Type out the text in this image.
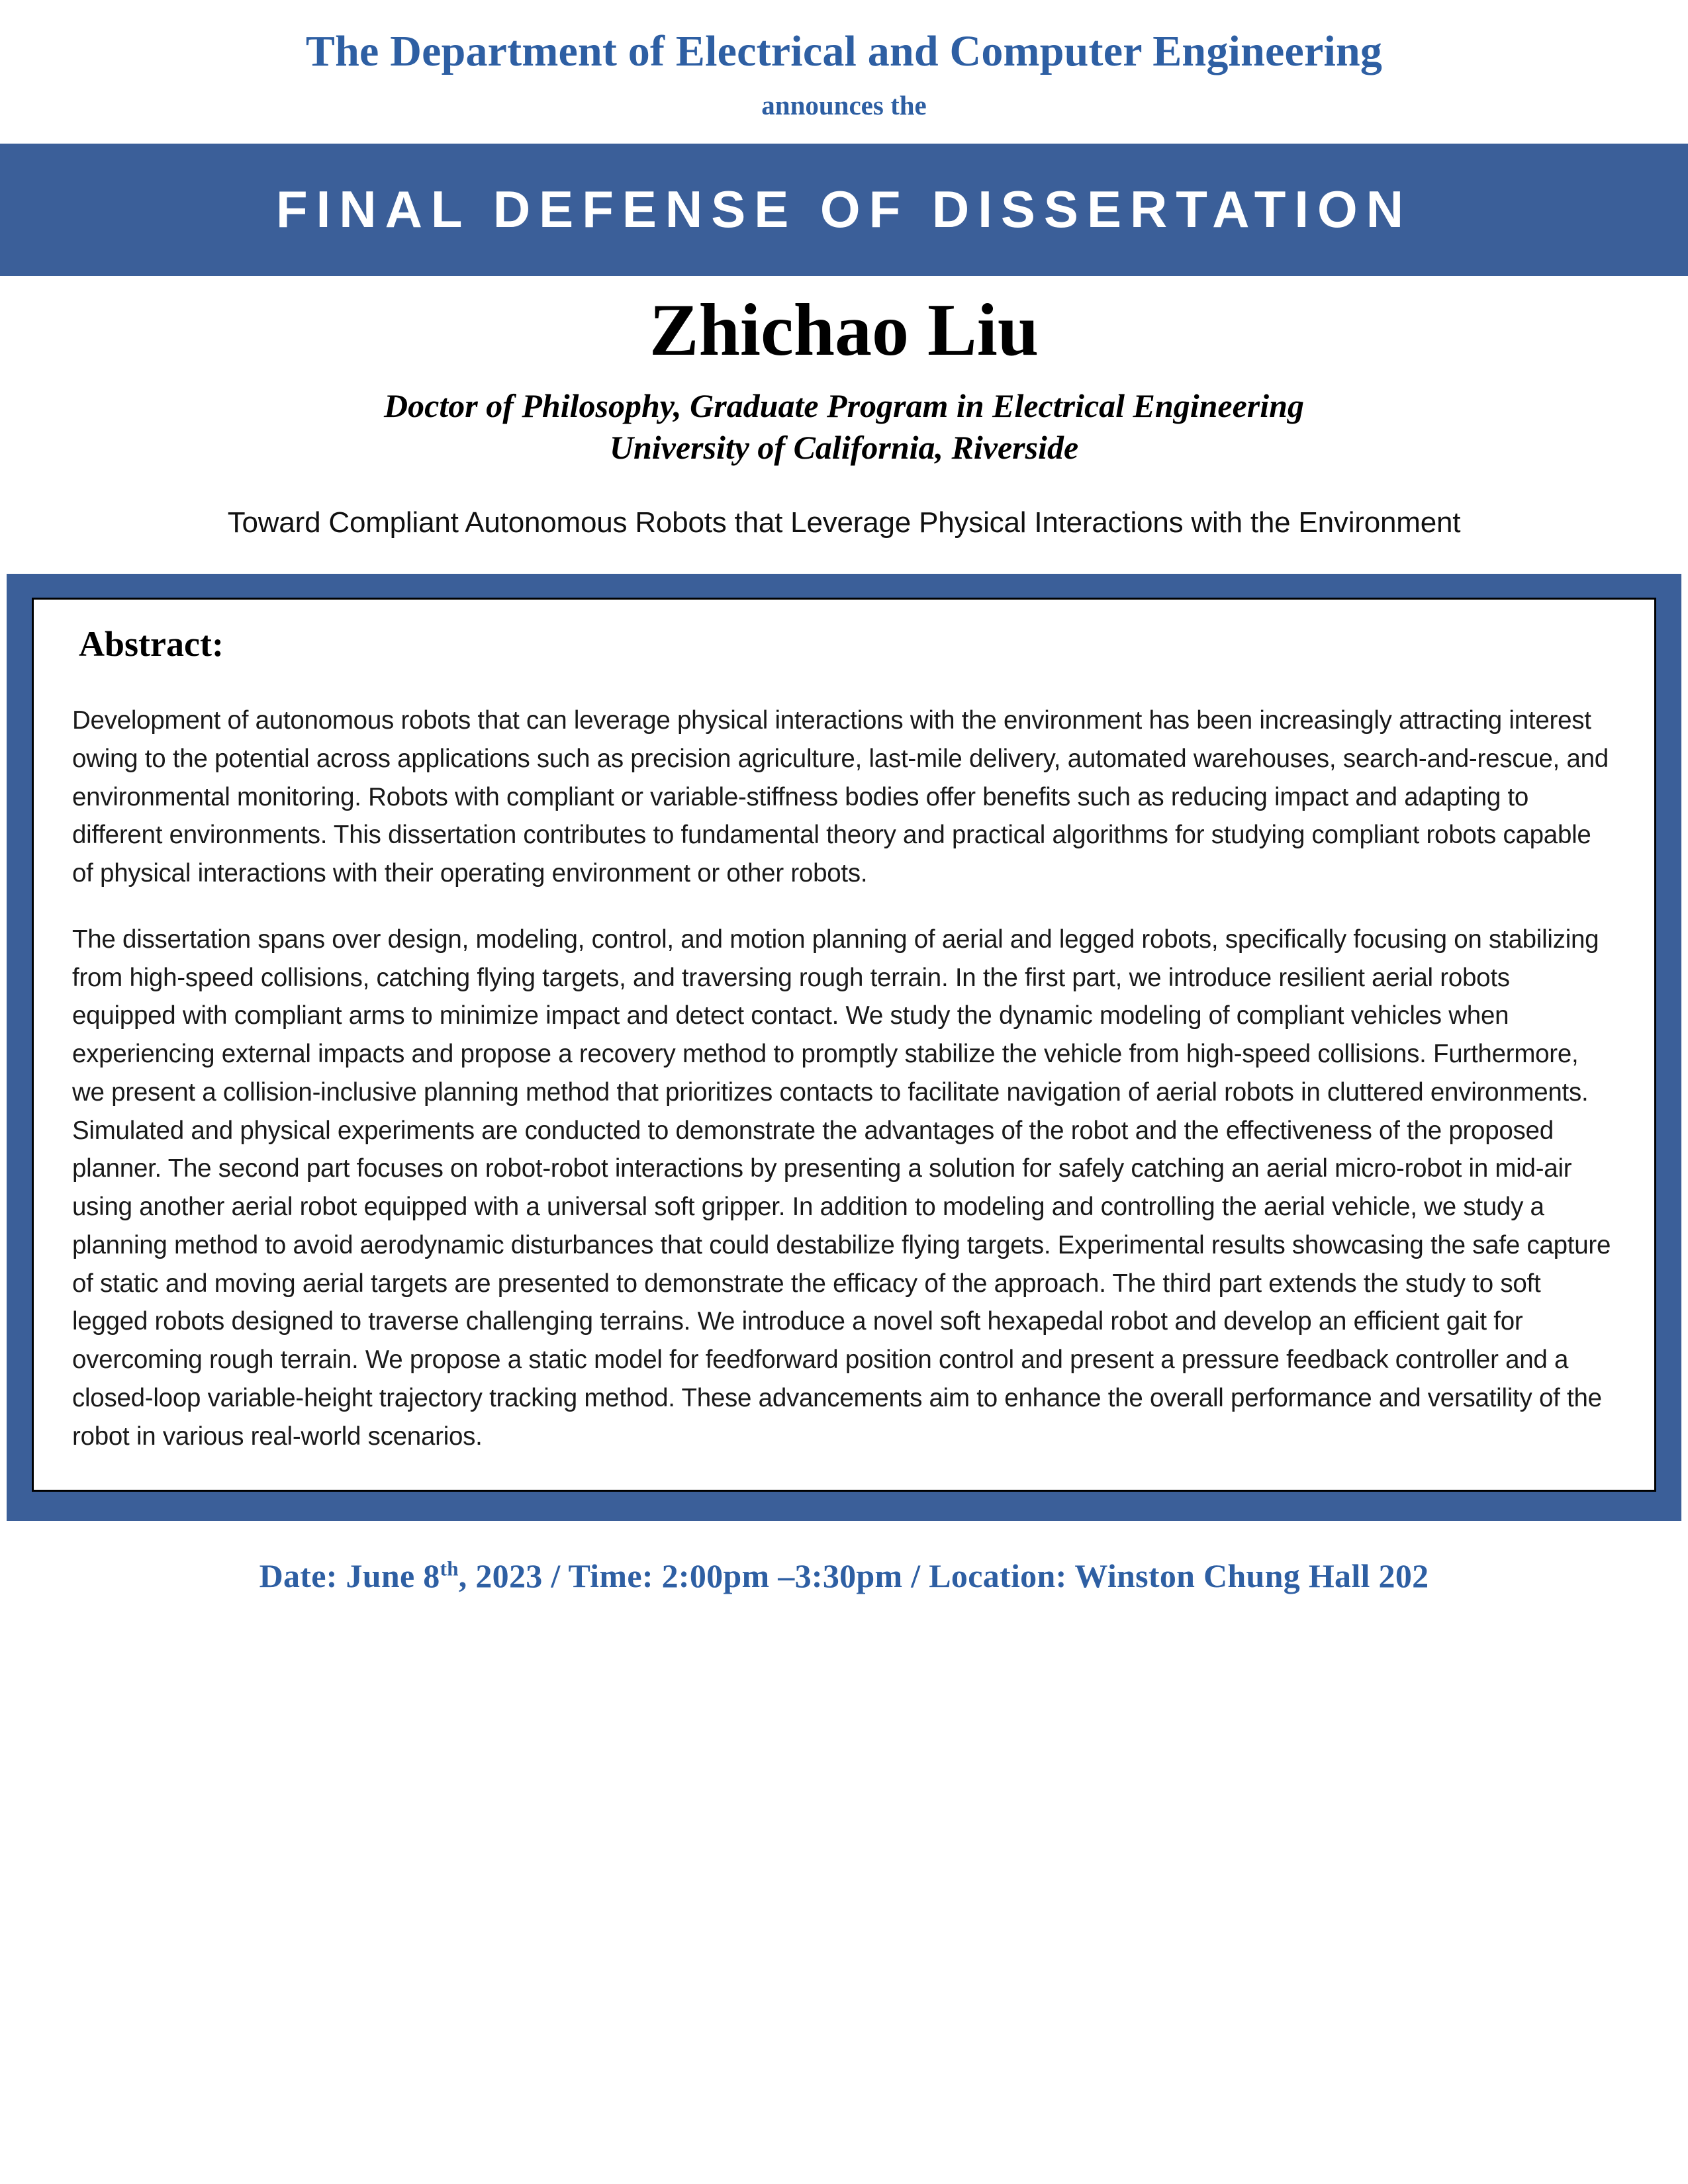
The Department of Electrical and Computer Engineering
announces the
FINAL DEFENSE OF DISSERTATION
Zhichao Liu
Doctor of Philosophy, Graduate Program in Electrical Engineering
University of California, Riverside
Toward Compliant Autonomous Robots that Leverage Physical Interactions with the Environment
Abstract:

Development of autonomous robots that can leverage physical interactions with the environment has been increasingly attracting interest owing to the potential across applications such as precision agriculture, last-mile delivery, automated warehouses, search-and-rescue, and environmental monitoring. Robots with compliant or variable-stiffness bodies offer benefits such as reducing impact and adapting to different environments. This dissertation contributes to fundamental theory and practical algorithms for studying compliant robots capable of physical interactions with their operating environment or other robots.

The dissertation spans over design, modeling, control, and motion planning of aerial and legged robots, specifically focusing on stabilizing from high-speed collisions, catching flying targets, and traversing rough terrain. In the first part, we introduce resilient aerial robots equipped with compliant arms to minimize impact and detect contact. We study the dynamic modeling of compliant vehicles when experiencing external impacts and propose a recovery method to promptly stabilize the vehicle from high-speed collisions. Furthermore, we present a collision-inclusive planning method that prioritizes contacts to facilitate navigation of aerial robots in cluttered environments. Simulated and physical experiments are conducted to demonstrate the advantages of the robot and the effectiveness of the proposed planner. The second part focuses on robot-robot interactions by presenting a solution for safely catching an aerial micro-robot in mid-air using another aerial robot equipped with a universal soft gripper. In addition to modeling and controlling the aerial vehicle, we study a planning method to avoid aerodynamic disturbances that could destabilize flying targets. Experimental results showcasing the safe capture of static and moving aerial targets are presented to demonstrate the efficacy of the approach. The third part extends the study to soft legged robots designed to traverse challenging terrains. We introduce a novel soft hexapedal robot and develop an efficient gait for overcoming rough terrain. We propose a static model for feedforward position control and present a pressure feedback controller and a closed-loop variable-height trajectory tracking method. These advancements aim to enhance the overall performance and versatility of the robot in various real-world scenarios.

Date: June 8th, 2023 / Time: 2:00pm –3:30pm / Location: Winston Chung Hall 202
